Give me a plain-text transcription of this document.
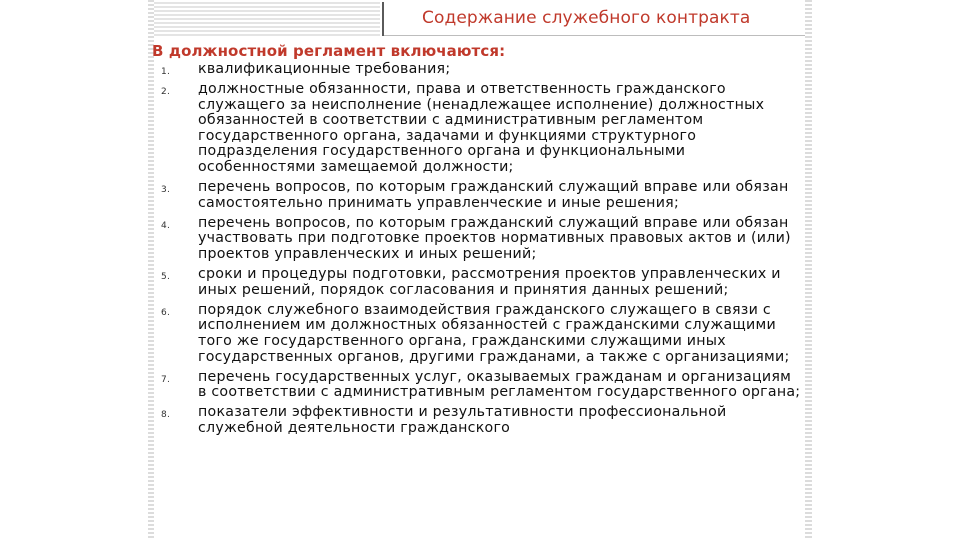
Содержание служебного контракта
В должностной регламент включаются:
1. квалификационные требования;
2. должностные обязанности, права и ответственность гражданского служащего за неисполнение (ненадлежащее исполнение) должностных обязанностей в соответствии с административным регламентом государственного органа, задачами и функциями структурного подразделения государственного органа и функциональными особенностями замещаемой должности;
3. перечень вопросов, по которым гражданский служащий вправе или обязан самостоятельно принимать управленческие и иные решения;
4. перечень вопросов, по которым гражданский служащий вправе или обязан участвовать при подготовке проектов нормативных правовых актов и (или) проектов управленческих и иных решений;
5. сроки и процедуры подготовки, рассмотрения проектов управленческих и иных решений, порядок согласования и принятия данных решений;
6. порядок служебного взаимодействия гражданского служащего в связи с исполнением им должностных обязанностей с гражданскими служащими того же государственного органа, гражданскими служащими иных государственных органов, другими гражданами, а также с организациями;
7. перечень государственных услуг, оказываемых гражданам и организациям в соответствии с административным регламентом государственного органа;
8. показатели эффективности и результативности профессиональной служебной деятельности гражданского
